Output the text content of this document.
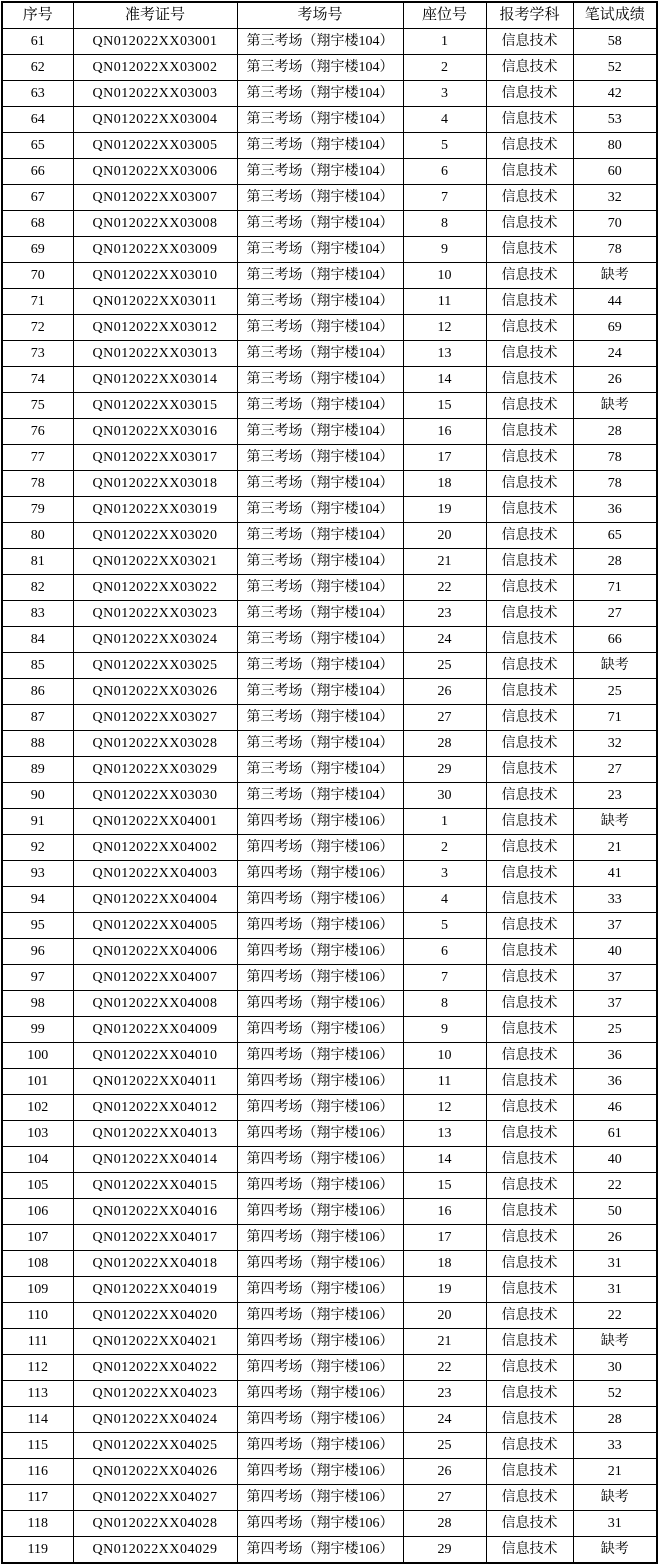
序号	准考证号	考场号	座位号	报考学科	笔试成绩
61	QN012022XX03001	第三考场（翔宇楼104）	1	信息技术	58
62	QN012022XX03002	第三考场（翔宇楼104）	2	信息技术	52
63	QN012022XX03003	第三考场（翔宇楼104）	3	信息技术	42
64	QN012022XX03004	第三考场（翔宇楼104）	4	信息技术	53
65	QN012022XX03005	第三考场（翔宇楼104）	5	信息技术	80
66	QN012022XX03006	第三考场（翔宇楼104）	6	信息技术	60
67	QN012022XX03007	第三考场（翔宇楼104）	7	信息技术	32
68	QN012022XX03008	第三考场（翔宇楼104）	8	信息技术	70
69	QN012022XX03009	第三考场（翔宇楼104）	9	信息技术	78
70	QN012022XX03010	第三考场（翔宇楼104）	10	信息技术	缺考
71	QN012022XX03011	第三考场（翔宇楼104）	11	信息技术	44
72	QN012022XX03012	第三考场（翔宇楼104）	12	信息技术	69
73	QN012022XX03013	第三考场（翔宇楼104）	13	信息技术	24
74	QN012022XX03014	第三考场（翔宇楼104）	14	信息技术	26
75	QN012022XX03015	第三考场（翔宇楼104）	15	信息技术	缺考
76	QN012022XX03016	第三考场（翔宇楼104）	16	信息技术	28
77	QN012022XX03017	第三考场（翔宇楼104）	17	信息技术	78
78	QN012022XX03018	第三考场（翔宇楼104）	18	信息技术	78
79	QN012022XX03019	第三考场（翔宇楼104）	19	信息技术	36
80	QN012022XX03020	第三考场（翔宇楼104）	20	信息技术	65
81	QN012022XX03021	第三考场（翔宇楼104）	21	信息技术	28
82	QN012022XX03022	第三考场（翔宇楼104）	22	信息技术	71
83	QN012022XX03023	第三考场（翔宇楼104）	23	信息技术	27
84	QN012022XX03024	第三考场（翔宇楼104）	24	信息技术	66
85	QN012022XX03025	第三考场（翔宇楼104）	25	信息技术	缺考
86	QN012022XX03026	第三考场（翔宇楼104）	26	信息技术	25
87	QN012022XX03027	第三考场（翔宇楼104）	27	信息技术	71
88	QN012022XX03028	第三考场（翔宇楼104）	28	信息技术	32
89	QN012022XX03029	第三考场（翔宇楼104）	29	信息技术	27
90	QN012022XX03030	第三考场（翔宇楼104）	30	信息技术	23
91	QN012022XX04001	第四考场（翔宇楼106）	1	信息技术	缺考
92	QN012022XX04002	第四考场（翔宇楼106）	2	信息技术	21
93	QN012022XX04003	第四考场（翔宇楼106）	3	信息技术	41
94	QN012022XX04004	第四考场（翔宇楼106）	4	信息技术	33
95	QN012022XX04005	第四考场（翔宇楼106）	5	信息技术	37
96	QN012022XX04006	第四考场（翔宇楼106）	6	信息技术	40
97	QN012022XX04007	第四考场（翔宇楼106）	7	信息技术	37
98	QN012022XX04008	第四考场（翔宇楼106）	8	信息技术	37
99	QN012022XX04009	第四考场（翔宇楼106）	9	信息技术	25
100	QN012022XX04010	第四考场（翔宇楼106）	10	信息技术	36
101	QN012022XX04011	第四考场（翔宇楼106）	11	信息技术	36
102	QN012022XX04012	第四考场（翔宇楼106）	12	信息技术	46
103	QN012022XX04013	第四考场（翔宇楼106）	13	信息技术	61
104	QN012022XX04014	第四考场（翔宇楼106）	14	信息技术	40
105	QN012022XX04015	第四考场（翔宇楼106）	15	信息技术	22
106	QN012022XX04016	第四考场（翔宇楼106）	16	信息技术	50
107	QN012022XX04017	第四考场（翔宇楼106）	17	信息技术	26
108	QN012022XX04018	第四考场（翔宇楼106）	18	信息技术	31
109	QN012022XX04019	第四考场（翔宇楼106）	19	信息技术	31
110	QN012022XX04020	第四考场（翔宇楼106）	20	信息技术	22
111	QN012022XX04021	第四考场（翔宇楼106）	21	信息技术	缺考
112	QN012022XX04022	第四考场（翔宇楼106）	22	信息技术	30
113	QN012022XX04023	第四考场（翔宇楼106）	23	信息技术	52
114	QN012022XX04024	第四考场（翔宇楼106）	24	信息技术	28
115	QN012022XX04025	第四考场（翔宇楼106）	25	信息技术	33
116	QN012022XX04026	第四考场（翔宇楼106）	26	信息技术	21
117	QN012022XX04027	第四考场（翔宇楼106）	27	信息技术	缺考
118	QN012022XX04028	第四考场（翔宇楼106）	28	信息技术	31
119	QN012022XX04029	第四考场（翔宇楼106）	29	信息技术	缺考
